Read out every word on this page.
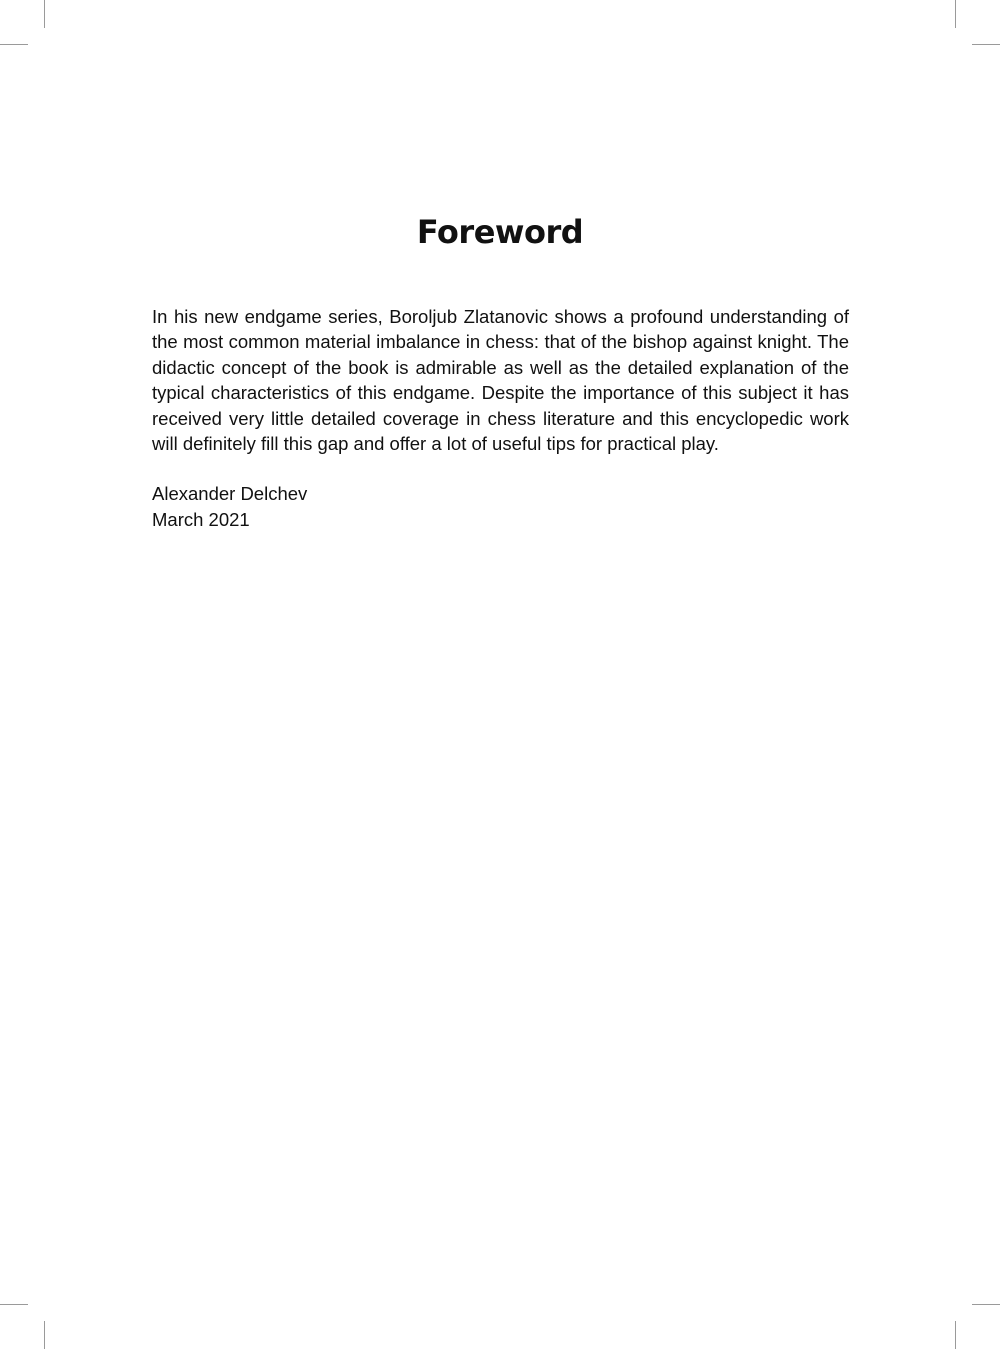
Foreword

In his new endgame series, Boroljub Zlatanovic shows a profound understanding of the most common material imbalance in chess: that of the bishop against knight. The didactic concept of the book is admirable as well as the detailed explanation of the typical characteristics of this endgame. Despite the importance of this subject it has received very little detailed coverage in chess literature and this encyclopedic work will definitely fill this gap and offer a lot of useful tips for practical play.

Alexander Delchev
March 2021
